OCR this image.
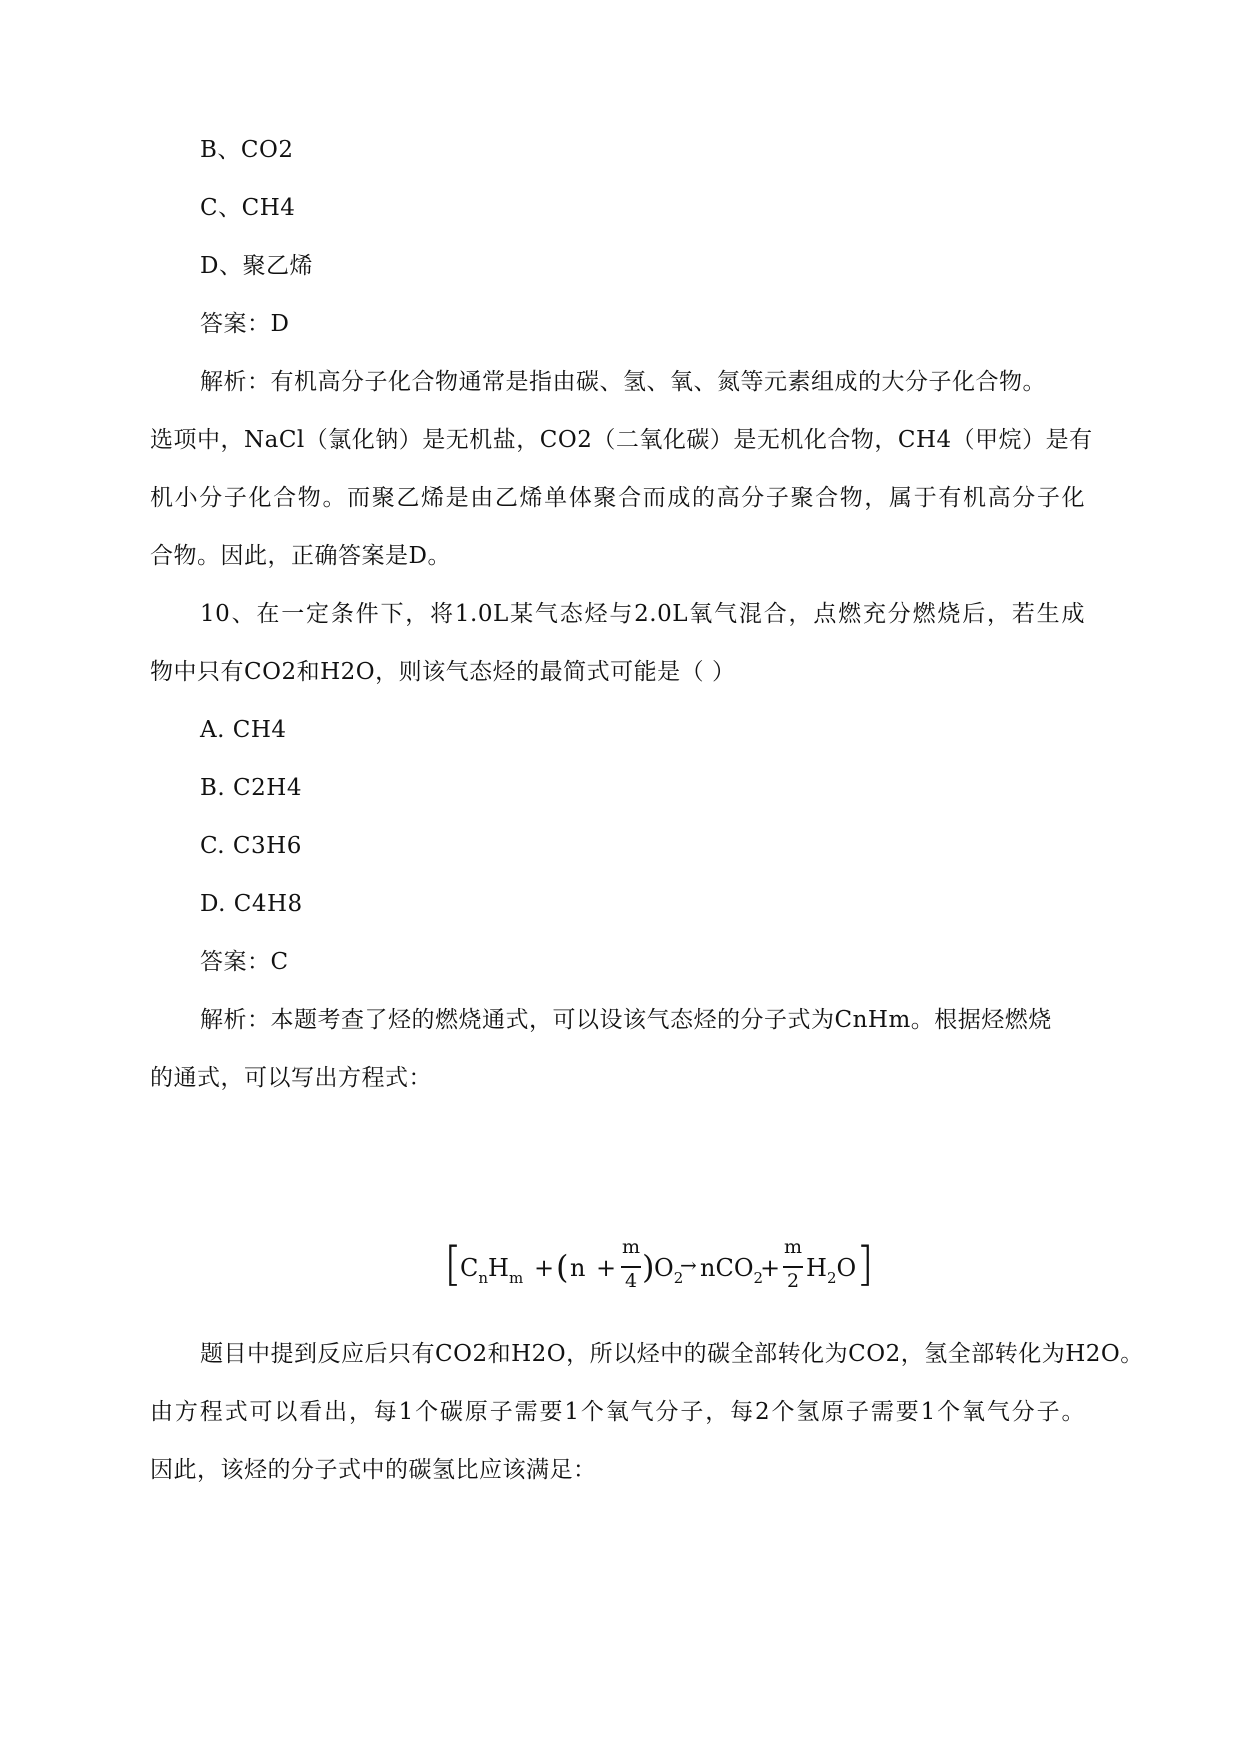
B、CO2
C、CH4
D、聚乙烯
答案：D
解析：有机高分子化合物通常是指由碳、氢、氧、氮等元素组成的大分子化合物。
选项中，NaCl（氯化钠）是无机盐，CO2（二氧化碳）是无机化合物，CH4（甲烷）是有
机小分子化合物。而聚乙烯是由乙烯单体聚合而成的高分子聚合物，属于有机高分子化
合物。因此，正确答案是D。
10、在一定条件下，将1.0L某气态烃与2.0L氧气混合，点燃充分燃烧后，若生成
物中只有CO2和H2O，则该气态烃的最简式可能是（ ）
A. CH4
B. C2H4
C. C3H6
D. C4H8
答案：C
解析：本题考查了烃的燃烧通式，可以设该气态烃的分子式为CnHm。根据烃燃烧
的通式，可以写出方程式：
[
$C_nH_m$ + ( n +
m
4 ) $O_2$
→ nCO$_2$
+
m
2 $H_2O$ ]
题目中提到反应后只有CO2和H2O，所以烃中的碳全部转化为CO2，氢全部转化为H2O。
由方程式可以看出，每1个碳原子需要1个氧气分子，每2个氢原子需要1个氧气分子。
因此，该烃的分子式中的碳氢比应该满足：
